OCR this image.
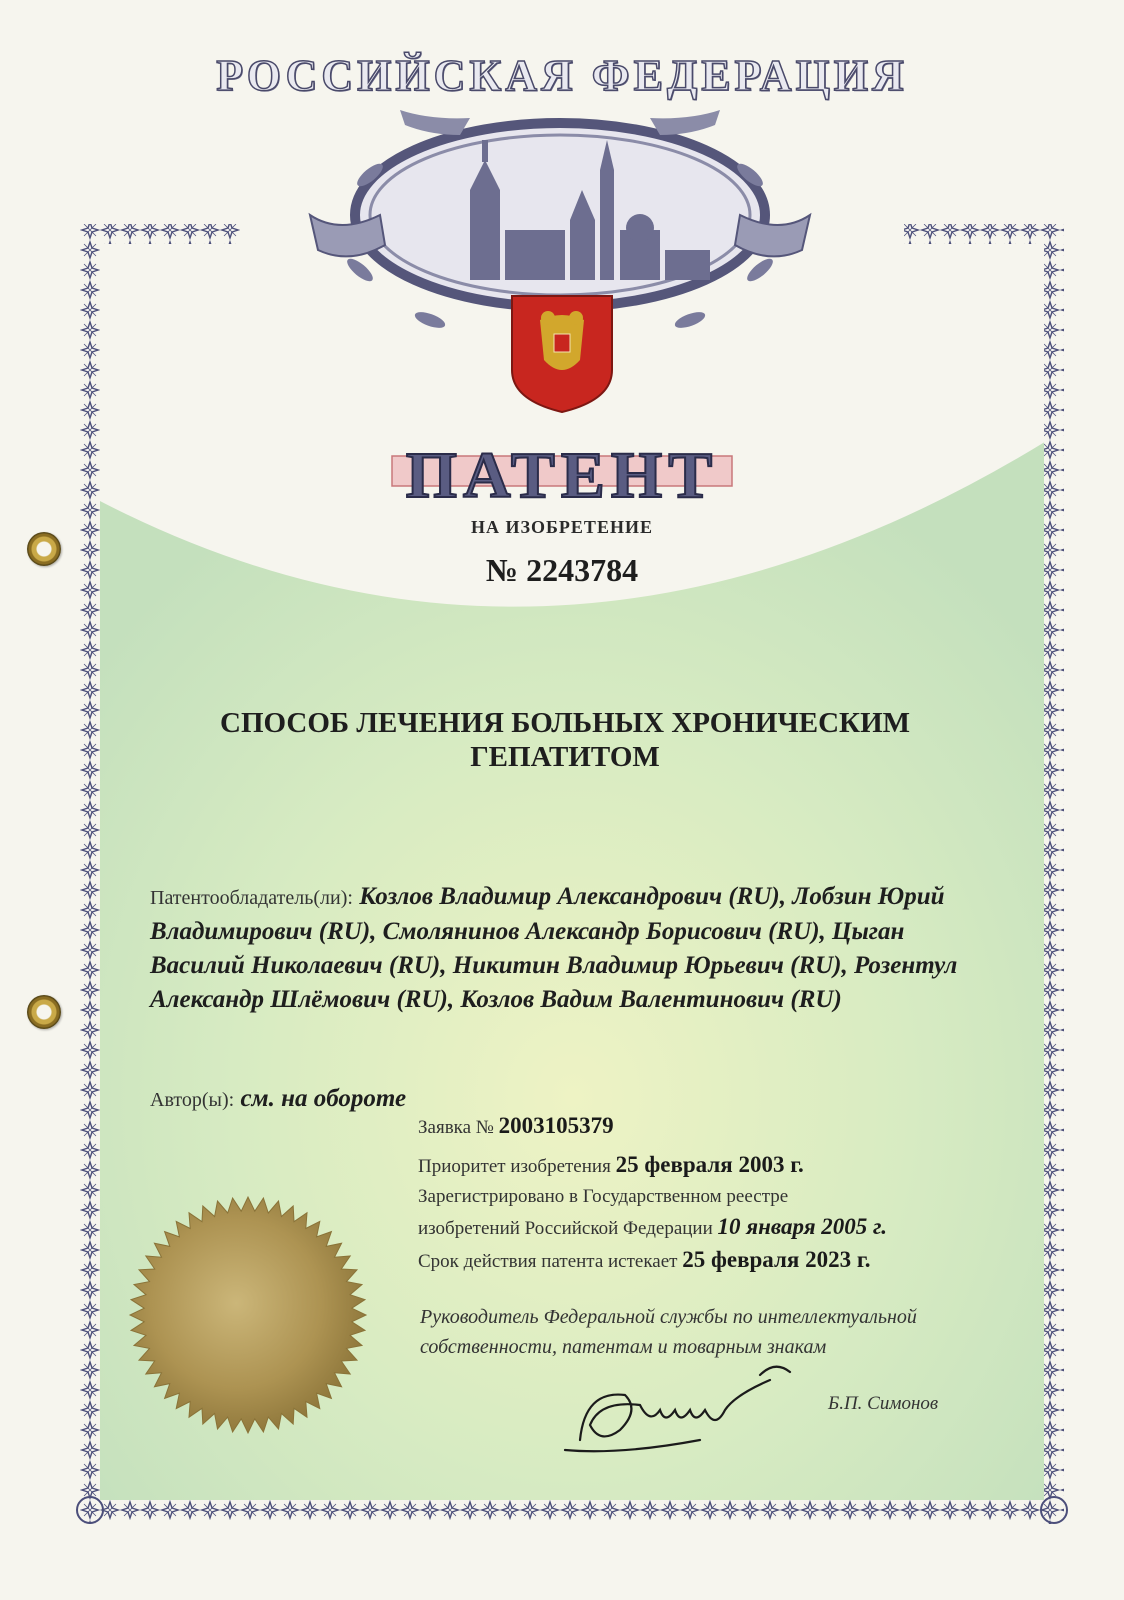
РОССИЙСКАЯ ФЕДЕРАЦИЯ
ПАТЕНТ
НА ИЗОБРЕТЕНИЕ
№ 2243784
СПОСОБ ЛЕЧЕНИЯ БОЛЬНЫХ ХРОНИЧЕСКИМ
ГЕПАТИТОМ
Патентообладатель(ли): Козлов Владимир Александрович (RU), Лобзин Юрий Владимирович (RU), Смолянинов Александр Борисович (RU), Цыган Василий Николаевич (RU), Никитин Владимир Юрьевич (RU), Розентул Александр Шлёмович (RU), Козлов Вадим Валентинович (RU)
Автор(ы): см. на обороте
Заявка № 2003105379
Приоритет изобретения 25 февраля 2003 г.
Зарегистрировано в Государственном реестре
изобретений Российской Федерации 10 января 2005 г.
Срок действия патента истекает 25 февраля 2023 г.
Руководитель Федеральной службы по интеллектуальной
собственности, патентам и товарным знакам
Б.П. Симонов
